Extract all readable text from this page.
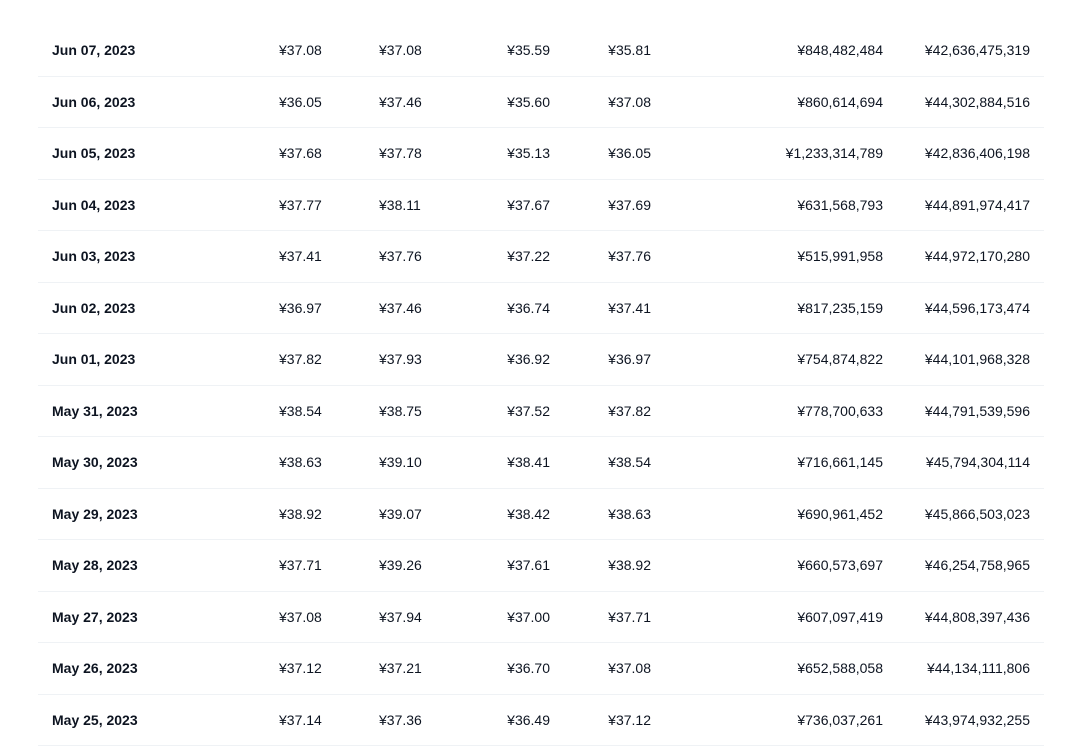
Jun 07, 2023	¥37.08	¥37.08	¥35.59	¥35.81	¥848,482,484	¥42,636,475,319
Jun 06, 2023	¥36.05	¥37.46	¥35.60	¥37.08	¥860,614,694	¥44,302,884,516
Jun 05, 2023	¥37.68	¥37.78	¥35.13	¥36.05	¥1,233,314,789	¥42,836,406,198
Jun 04, 2023	¥37.77	¥38.11	¥37.67	¥37.69	¥631,568,793	¥44,891,974,417
Jun 03, 2023	¥37.41	¥37.76	¥37.22	¥37.76	¥515,991,958	¥44,972,170,280
Jun 02, 2023	¥36.97	¥37.46	¥36.74	¥37.41	¥817,235,159	¥44,596,173,474
Jun 01, 2023	¥37.82	¥37.93	¥36.92	¥36.97	¥754,874,822	¥44,101,968,328
May 31, 2023	¥38.54	¥38.75	¥37.52	¥37.82	¥778,700,633	¥44,791,539,596
May 30, 2023	¥38.63	¥39.10	¥38.41	¥38.54	¥716,661,145	¥45,794,304,114
May 29, 2023	¥38.92	¥39.07	¥38.42	¥38.63	¥690,961,452	¥45,866,503,023
May 28, 2023	¥37.71	¥39.26	¥37.61	¥38.92	¥660,573,697	¥46,254,758,965
May 27, 2023	¥37.08	¥37.94	¥37.00	¥37.71	¥607,097,419	¥44,808,397,436
May 26, 2023	¥37.12	¥37.21	¥36.70	¥37.08	¥652,588,058	¥44,134,111,806
May 25, 2023	¥37.14	¥37.36	¥36.49	¥37.12	¥736,037,261	¥43,974,932,255
